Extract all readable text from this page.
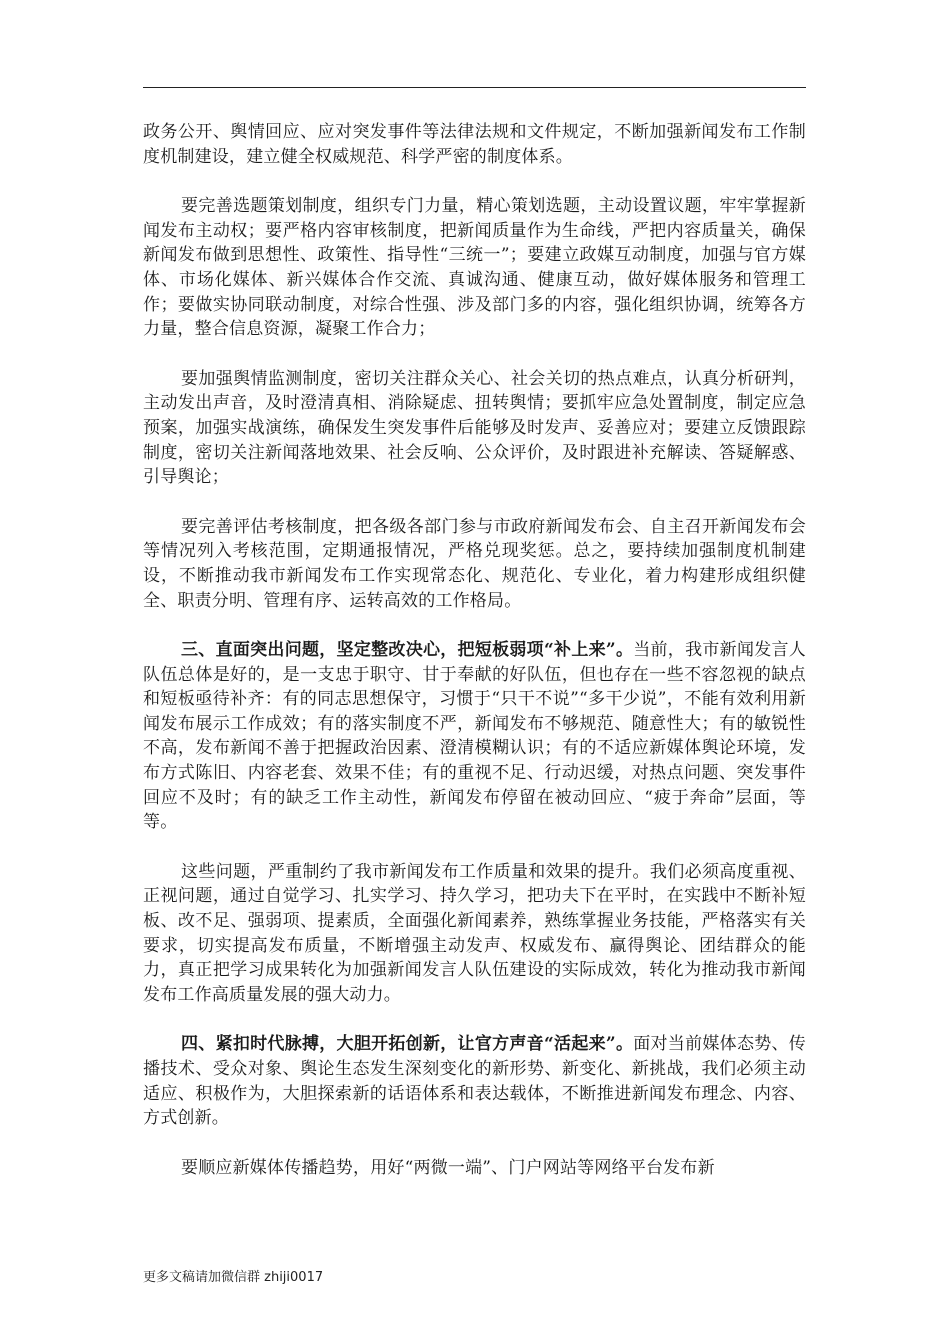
政务公开、舆情回应、应对突发事件等法律法规和文件规定，不断加强新闻发布工作制度机制建设，建立健全权威规范、科学严密的制度体系。

要完善选题策划制度，组织专门力量，精心策划选题，主动设置议题，牢牢掌握新闻发布主动权；要严格内容审核制度，把新闻质量作为生命线，严把内容质量关，确保新闻发布做到思想性、政策性、指导性“三统一”；要建立政媒互动制度，加强与官方媒体、市场化媒体、新兴媒体合作交流、真诚沟通、健康互动，做好媒体服务和管理工作；要做实协同联动制度，对综合性强、涉及部门多的内容，强化组织协调，统筹各方力量，整合信息资源，凝聚工作合力；

要加强舆情监测制度，密切关注群众关心、社会关切的热点难点，认真分析研判，主动发出声音，及时澄清真相、消除疑虑、扭转舆情；要抓牢应急处置制度，制定应急预案，加强实战演练，确保发生突发事件后能够及时发声、妥善应对；要建立反馈跟踪制度，密切关注新闻落地效果、社会反响、公众评价，及时跟进补充解读、答疑解惑、引导舆论；

要完善评估考核制度，把各级各部门参与市政府新闻发布会、自主召开新闻发布会等情况列入考核范围，定期通报情况，严格兑现奖惩。总之，要持续加强制度机制建设，不断推动我市新闻发布工作实现常态化、规范化、专业化，着力构建形成组织健全、职责分明、管理有序、运转高效的工作格局。

三、直面突出问题，坚定整改决心，把短板弱项“补上来”。当前，我市新闻发言人队伍总体是好的，是一支忠于职守、甘于奉献的好队伍，但也存在一些不容忽视的缺点和短板亟待补齐：有的同志思想保守，习惯于“只干不说”“多干少说”，不能有效利用新闻发布展示工作成效；有的落实制度不严，新闻发布不够规范、随意性大；有的敏锐性不高，发布新闻不善于把握政治因素、澄清模糊认识；有的不适应新媒体舆论环境，发布方式陈旧、内容老套、效果不佳；有的重视不足、行动迟缓，对热点问题、突发事件回应不及时；有的缺乏工作主动性，新闻发布停留在被动回应、“疲于奔命”层面，等等。

这些问题，严重制约了我市新闻发布工作质量和效果的提升。我们必须高度重视、正视问题，通过自觉学习、扎实学习、持久学习，把功夫下在平时，在实践中不断补短板、改不足、强弱项、提素质，全面强化新闻素养，熟练掌握业务技能，严格落实有关要求，切实提高发布质量，不断增强主动发声、权威发布、赢得舆论、团结群众的能力，真正把学习成果转化为加强新闻发言人队伍建设的实际成效，转化为推动我市新闻发布工作高质量发展的强大动力。

四、紧扣时代脉搏，大胆开拓创新，让官方声音“活起来”。面对当前媒体态势、传播技术、受众对象、舆论生态发生深刻变化的新形势、新变化、新挑战，我们必须主动适应、积极作为，大胆探索新的话语体系和表达载体，不断推进新闻发布理念、内容、方式创新。

要顺应新媒体传播趋势，用好“两微一端”、门户网站等网络平台发布新

更多文稿请加微信群 zhiji0017
